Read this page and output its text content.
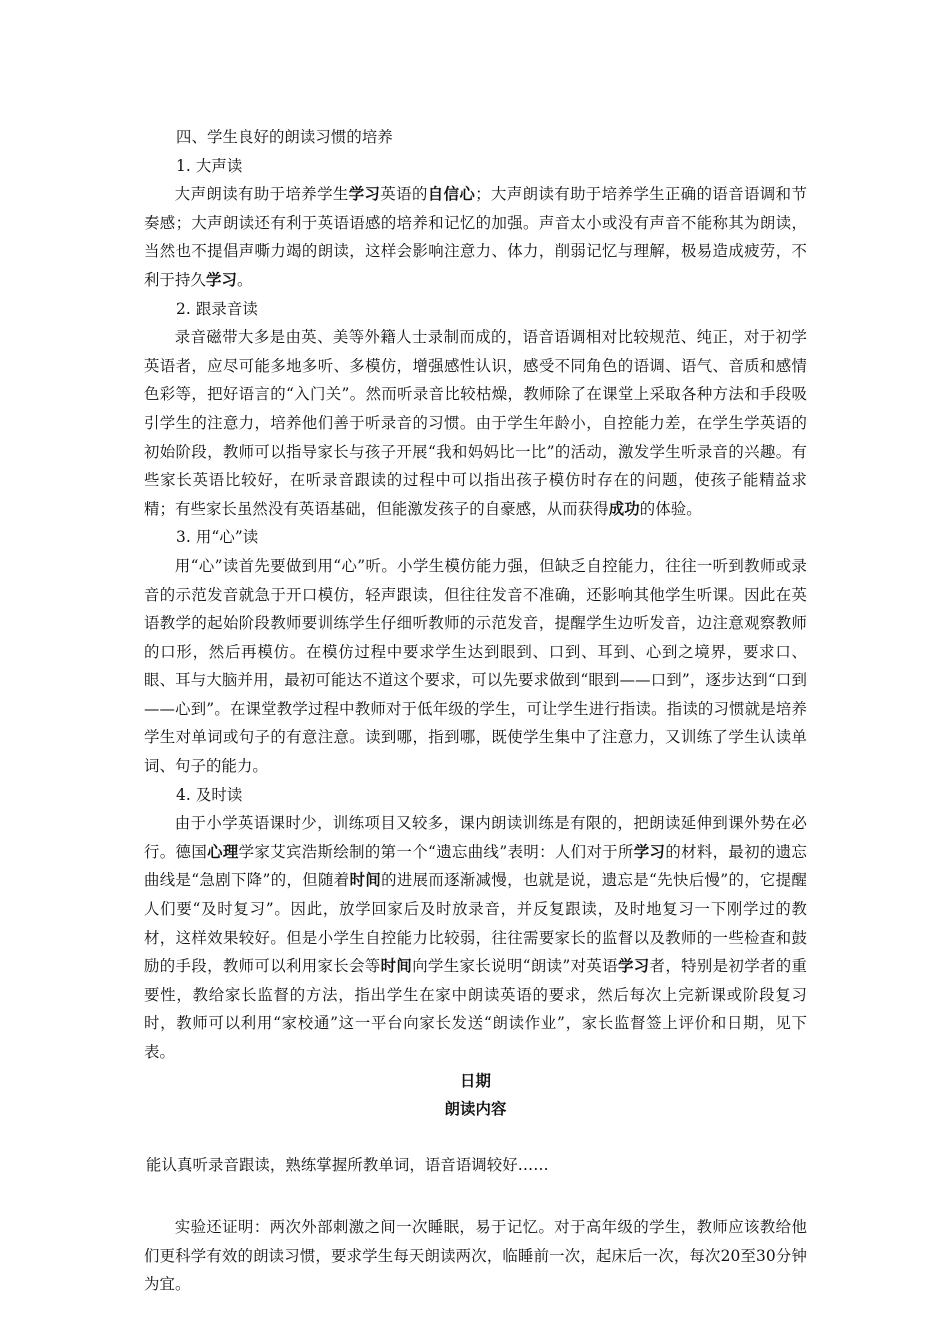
四、学生良好的朗读习惯的培养

1. 大声读

大声朗读有助于培养学生学习英语的自信心；大声朗读有助于培养学生正确的语音语调和节奏感；大声朗读还有利于英语语感的培养和记忆的加强。声音太小或没有声音不能称其为朗读，当然也不提倡声嘶力竭的朗读，这样会影响注意力、体力，削弱记忆与理解，极易造成疲劳，不利于持久学习。

2. 跟录音读

录音磁带大多是由英、美等外籍人士录制而成的，语音语调相对比较规范、纯正，对于初学英语者，应尽可能多地多听、多模仿，增强感性认识，感受不同角色的语调、语气、音质和感情色彩等，把好语言的“入门关”。然而听录音比较枯燥，教师除了在课堂上采取各种方法和手段吸引学生的注意力，培养他们善于听录音的习惯。由于学生年龄小，自控能力差，在学生学英语的初始阶段，教师可以指导家长与孩子开展“我和妈妈比一比”的活动，激发学生听录音的兴趣。有些家长英语比较好，在听录音跟读的过程中可以指出孩子模仿时存在的问题，使孩子能精益求精；有些家长虽然没有英语基础，但能激发孩子的自豪感，从而获得成功的体验。

3. 用“心”读

用“心”读首先要做到用“心”听。小学生模仿能力强，但缺乏自控能力，往往一听到教师或录音的示范发音就急于开口模仿，轻声跟读，但往往发音不准确，还影响其他学生听课。因此在英语教学的起始阶段教师要训练学生仔细听教师的示范发音，提醒学生边听发音，边注意观察教师的口形，然后再模仿。在模仿过程中要求学生达到眼到、口到、耳到、心到之境界，要求口、眼、耳与大脑并用，最初可能达不道这个要求，可以先要求做到“眼到——口到”，逐步达到“口到——心到”。在课堂教学过程中教师对于低年级的学生，可让学生进行指读。指读的习惯就是培养学生对单词或句子的有意注意。读到哪，指到哪，既使学生集中了注意力，又训练了学生认读单词、句子的能力。

4. 及时读

由于小学英语课时少，训练项目又较多，课内朗读训练是有限的，把朗读延伸到课外势在必行。德国心理学家艾宾浩斯绘制的第一个“遗忘曲线”表明：人们对于所学习的材料，最初的遗忘曲线是“急剧下降”的，但随着时间的进展而逐渐减慢，也就是说，遗忘是“先快后慢”的，它提醒人们要“及时复习”。因此，放学回家后及时放录音，并反复跟读，及时地复习一下刚学过的教材，这样效果较好。但是小学生自控能力比较弱，往往需要家长的监督以及教师的一些检查和鼓励的手段，教师可以利用家长会等时间向学生家长说明“朗读”对英语学习者，特别是初学者的重要性，教给家长监督的方法，指出学生在家中朗读英语的要求，然后每次上完新课或阶段复习时，教师可以利用“家校通”这一平台向家长发送“朗读作业”，家长监督签上评价和日期，见下表。

日期

朗读内容

能认真听录音跟读，熟练掌握所教单词，语音语调较好……

实验还证明：两次外部刺激之间一次睡眠，易于记忆。对于高年级的学生，教师应该教给他们更科学有效的朗读习惯，要求学生每天朗读两次，临睡前一次，起床后一次，每次20至30分钟为宜。
